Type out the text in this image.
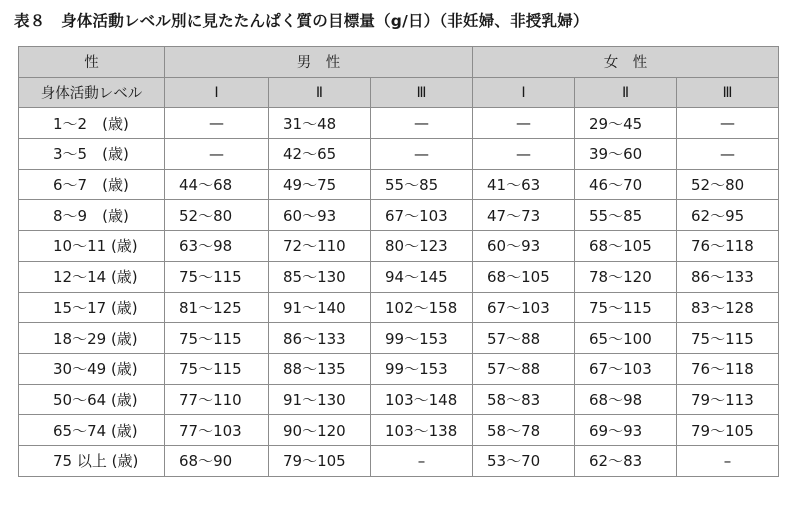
表８　身体活動レベル別に見たたんぱく質の目標量（g/日）（非妊婦、非授乳婦）
性	男　性			女　性		
身体活動レベル	Ⅰ	Ⅱ	Ⅲ	Ⅰ	Ⅱ	Ⅲ
1～2　(歳)	—	31～48	—	—	29～45	—
3～5　(歳)	—	42～65	—	—	39～60	—
6～7　(歳)	44～68	49～75	55～85	41～63	46～70	52～80
8～9　(歳)	52～80	60～93	67～103	47～73	55～85	62～95
10～11 (歳)	63～98	72～110	80～123	60～93	68～105	76～118
12～14 (歳)	75～115	85～130	94～145	68～105	78～120	86～133
15～17 (歳)	81～125	91～140	102～158	67～103	75～115	83～128
18～29 (歳)	75～115	86～133	99～153	57～88	65～100	75～115
30～49 (歳)	75～115	88～135	99～153	57～88	67～103	76～118
50～64 (歳)	77～110	91～130	103～148	58～83	68～98	79～113
65～74 (歳)	77～103	90～120	103～138	58～78	69～93	79～105
75 以上 (歳)	68～90	79～105	–	53～70	62～83	–
